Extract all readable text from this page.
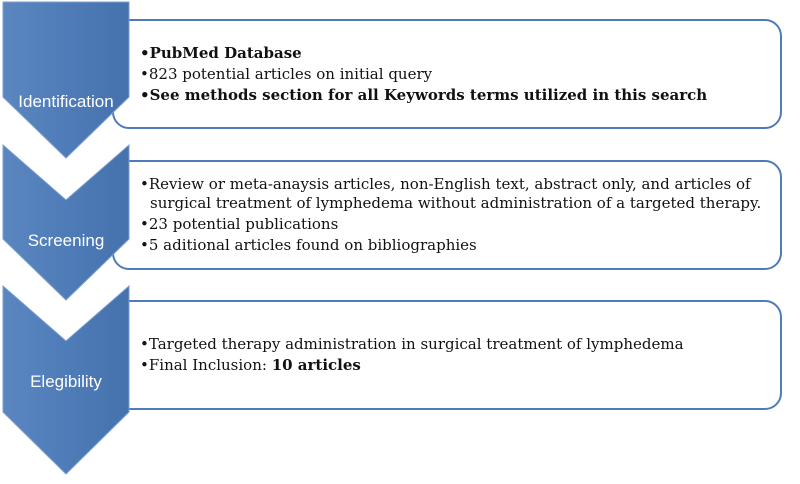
Identification
Screening
Elegibility
•PubMed Database
•823 potential articles on initial query
•See methods section for all Keywords terms utilized in this search
•Review or meta-anaysis articles, non-English text, abstract only, and articles of surgical treatment of lymphedema without administration of a targeted therapy.
•23 potential publications
•5 aditional articles found on bibliographies
•Targeted therapy administration in surgical treatment of lymphedema
•Final Inclusion: 10 articles
